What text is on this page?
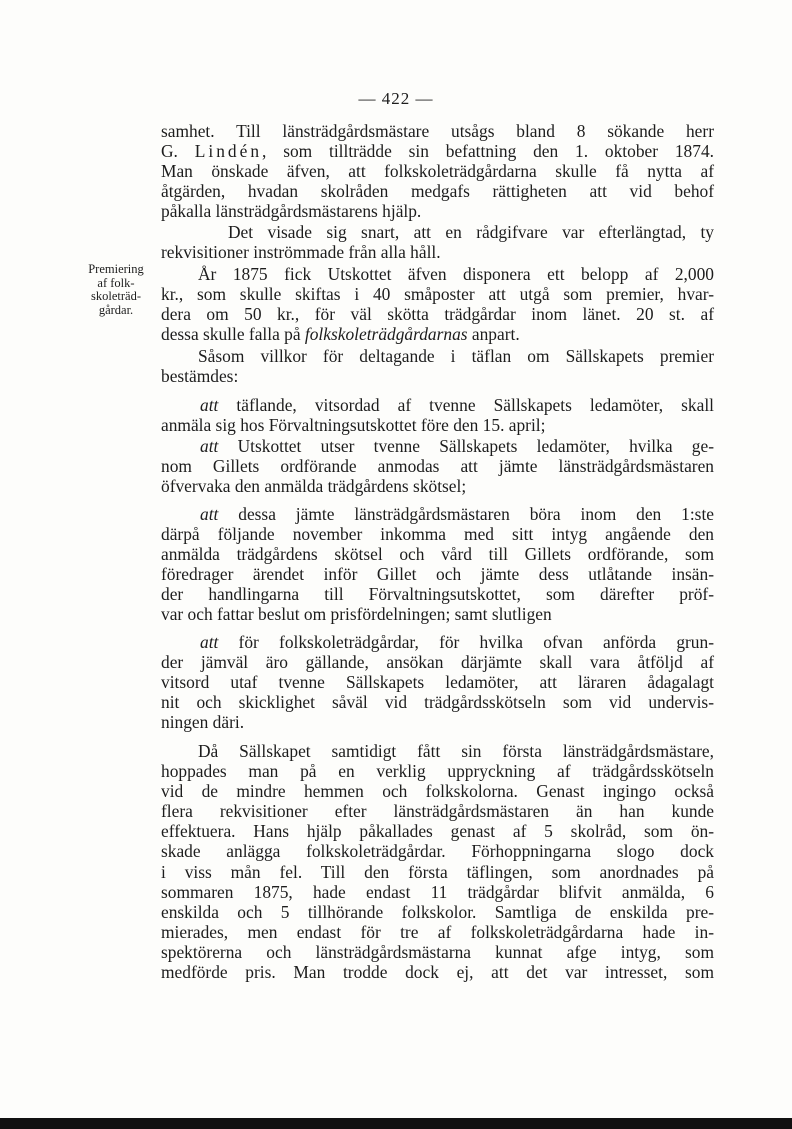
— 422 —
Premiering
af folk-
skoleträd-
gårdar.
samhet. Till länsträdgårdsmästare utsågs bland 8 sökande herr
G. Lindén, som tillträdde sin befattning den 1. oktober 1874.
Man önskade äfven, att folkskoleträdgårdarna skulle få nytta af
åtgärden, hvadan skolråden medgafs rättigheten att vid behof
påkalla länsträdgårdsmästarens hjälp.
Det visade sig snart, att en rådgifvare var efterlängtad, ty
rekvisitioner inströmmade från alla håll.
År 1875 fick Utskottet äfven disponera ett belopp af 2,000
kr., som skulle skiftas i 40 småposter att utgå som premier, hvar-
dera om 50 kr., för väl skötta trädgårdar inom länet. 20 st. af
dessa skulle falla på folkskoleträdgårdarnas anpart.
Såsom villkor för deltagande i täflan om Sällskapets premier
bestämdes:
att täflande, vitsordad af tvenne Sällskapets ledamöter, skall
anmäla sig hos Förvaltningsutskottet före den 15. april;
att Utskottet utser tvenne Sällskapets ledamöter, hvilka ge-
nom Gillets ordförande anmodas att jämte länsträdgårdsmästaren
öfvervaka den anmälda trädgårdens skötsel;
att dessa jämte länsträdgårdsmästaren böra inom den 1:ste
därpå följande november inkomma med sitt intyg angående den
anmälda trädgårdens skötsel och vård till Gillets ordförande, som
föredrager ärendet inför Gillet och jämte dess utlåtande insän-
der handlingarna till Förvaltningsutskottet, som därefter pröf-
var och fattar beslut om prisfördelningen; samt slutligen
att för folkskoleträdgårdar, för hvilka ofvan anförda grun-
der jämväl äro gällande, ansökan därjämte skall vara åtföljd af
vitsord utaf tvenne Sällskapets ledamöter, att läraren ådagalagt
nit och skicklighet såväl vid trädgårdsskötseln som vid undervis-
ningen däri.
Då Sällskapet samtidigt fått sin första länsträdgårdsmästare,
hoppades man på en verklig uppryckning af trädgårdsskötseln
vid de mindre hemmen och folkskolorna. Genast ingingo också
flera rekvisitioner efter länsträdgårdsmästaren än han kunde
effektuera. Hans hjälp påkallades genast af 5 skolråd, som ön-
skade anlägga folkskoleträdgårdar. Förhoppningarna slogo dock
i viss mån fel. Till den första täflingen, som anordnades på
sommaren 1875, hade endast 11 trädgårdar blifvit anmälda, 6
enskilda och 5 tillhörande folkskolor. Samtliga de enskilda pre-
mierades, men endast för tre af folkskoleträdgårdarna hade in-
spektörerna och länsträdgårdsmästarna kunnat afge intyg, som
medförde pris. Man trodde dock ej, att det var intresset, som
